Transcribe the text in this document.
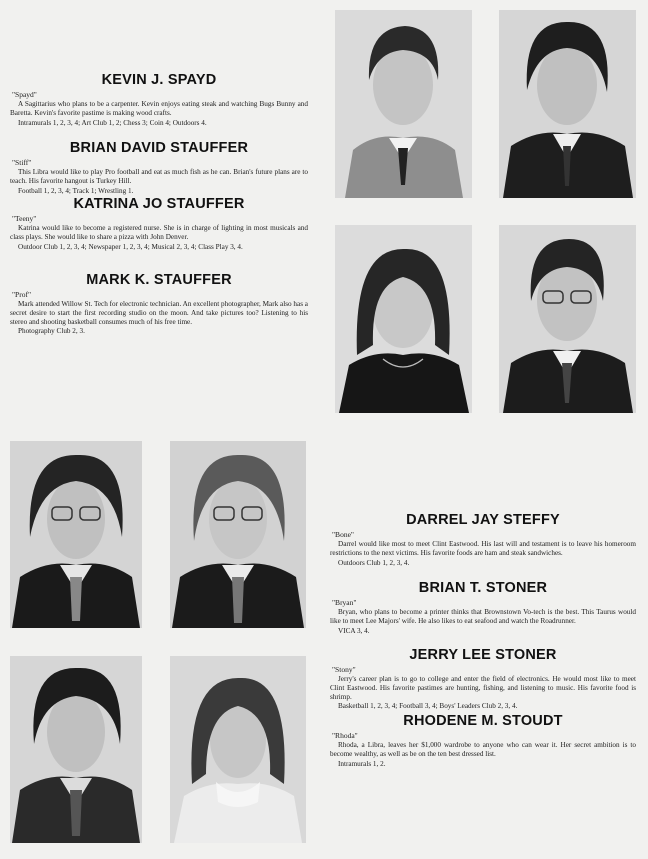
KEVIN J. SPAYD
"Spayd"

A Sagittarius who plans to be a carpenter. Kevin enjoys eating steak and watching Bugs Bunny and Baretta. Kevin's favorite pastime is making wood crafts.

Intramurals 1, 2, 3, 4; Art Club 1, 2; Chess 3; Coin 4; Outdoors 4.

BRIAN DAVID STAUFFER
"Stiff"

This Libra would like to play Pro football and eat as much fish as he can. Brian's future plans are to teach. His favorite hangout is Turkey Hill.

Football 1, 2, 3, 4; Track 1; Wrestling 1.

KATRINA JO STAUFFER
"Teeny"

Katrina would like to become a registered nurse. She is in charge of lighting in most musicals and class plays. She would like to share a pizza with John Denver.

Outdoor Club 1, 2, 3, 4; Newspaper 1, 2, 3, 4; Musical 2, 3, 4; Class Play 3, 4.

MARK K. STAUFFER
"Prof"

Mark attended Willow St. Tech for electronic technician. An excellent photographer, Mark also has a secret desire to start the first recording studio on the moon. And take pictures too? Listening to his stereo and shooting basketball consumes much of his free time.

Photography Club 2, 3.

DARREL JAY STEFFY
"Bone"

Darrel would like most to meet Clint Eastwood. His last will and testament is to leave his homeroom restrictions to the next victims. His favorite foods are ham and steak sandwiches.

Outdoors Club 1, 2, 3, 4.

BRIAN T. STONER
"Bryan"

Bryan, who plans to become a printer thinks that Brownstown Vo-tech is the best. This Taurus would like to meet Lee Majors' wife. He also likes to eat seafood and watch the Roadrunner.

VICA 3, 4.

JERRY LEE STONER
"Stony"

Jerry's career plan is to go to college and enter the field of electronics. He would most like to meet Clint Eastwood. His favorite pastimes are hunting, fishing, and listening to music. His favorite food is shrimp.

Basketball 1, 2, 3, 4; Football 3, 4; Boys' Leaders Club 2, 3, 4.

RHODENE M. STOUDT
"Rhoda"

Rhoda, a Libra, leaves her $1,000 wardrobe to anyone who can wear it. Her secret ambition is to become wealthy, as well as be on the ten best dressed list.

Intramurals 1, 2.
